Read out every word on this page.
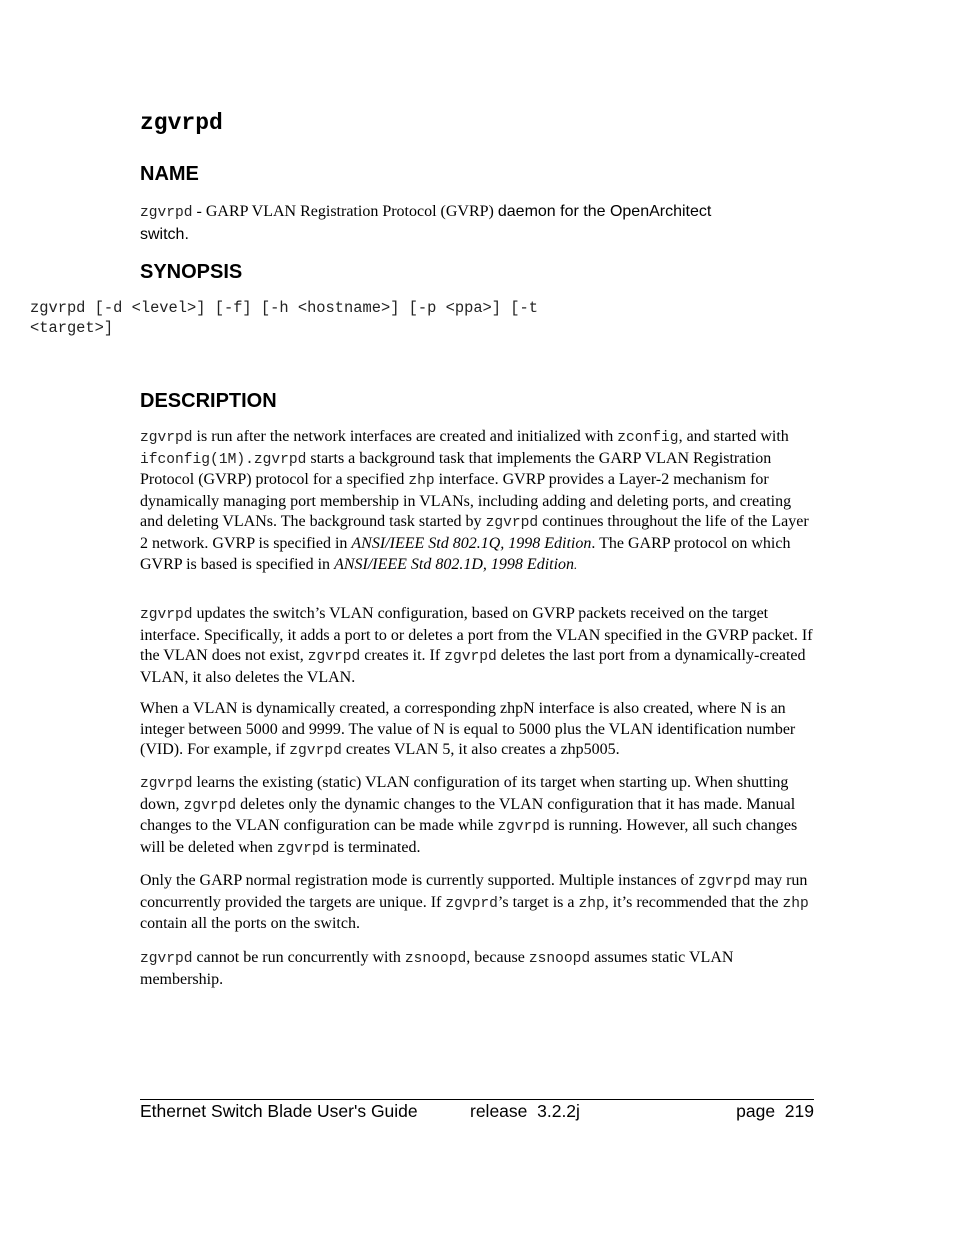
zgvrpd
NAME

zgvrpd - GARP VLAN Registration Protocol (GVRP) daemon for the OpenArchitect
switch.

SYNOPSIS
DESCRIPTION
zgvrpd is run after the network interfaces are created and initialized with zconfig, and started with ifconfig(1M).zgvrpd starts a background task that implements the GARP VLAN Registration Protocol (GVRP) protocol for a specified zhp interface. GVRP provides a Layer-2 mechanism for dynamically managing port membership in VLANs, including adding and deleting ports, and creating and deleting VLANs. The background task started by zgvrpd continues throughout the life of the Layer 2 network. GVRP is specified in ANSI/IEEE Std 802.1Q, 1998 Edition. The GARP protocol on which GVRP is based is specified in ANSI/IEEE Std 802.1D, 1998 Edition.
zgvrpd updates the switch’s VLAN configuration, based on GVRP packets received on the target interface. Specifically, it adds a port to or deletes a port from the VLAN specified in the GVRP packet. If the VLAN does not exist, zgvrpd creates it. If zgvrpd deletes the last port from a dynamically-created VLAN, it also deletes the VLAN.
When a VLAN is dynamically created, a corresponding zhpN interface is also created, where N is an integer between 5000 and 9999. The value of N is equal to 5000 plus the VLAN identification number (VID). For example, if zgvrpd creates VLAN 5, it also creates a zhp5005.
zgvrpd learns the existing (static) VLAN configuration of its target when starting up. When shutting down, zgvrpd deletes only the dynamic changes to the VLAN configuration that it has made. Manual changes to the VLAN configuration can be made while zgvrpd is running. However, all such changes will be deleted when zgvrpd is terminated.
Only the GARP normal registration mode is currently supported. Multiple instances of zgvrpd may run concurrently provided the targets are unique. If zgvprd’s target is a zhp, it’s recommended that the zhp contain all the ports on the switch.
zgvrpd cannot be run concurrently with zsnoopd, because zsnoopd assumes static VLAN membership.
Ethernet Switch Blade User's Guide	release  3.2.2j	page  219
zgvrpd [-d <level>] [-f] [-h <hostname>] [-p <ppa>] [-t
<target>]
